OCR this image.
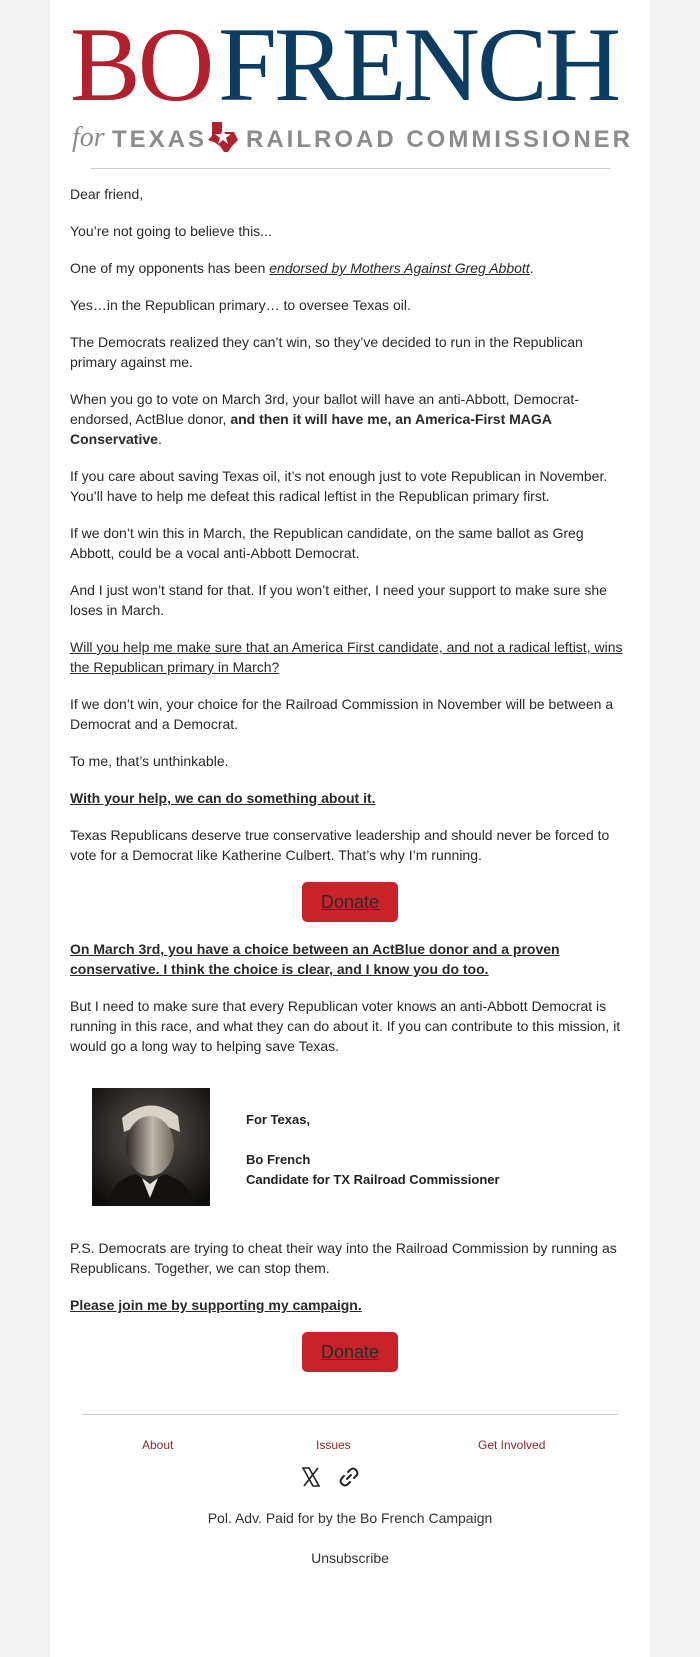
BO FRENCH
for TEXAS RAILROAD COMMISSIONER

Dear friend,

You’re not going to believe this...

One of my opponents has been endorsed by Mothers Against Greg Abbott.

Yes…in the Republican primary… to oversee Texas oil.

The Democrats realized they can’t win, so they’ve decided to run in the Republican primary against me.

When you go to vote on March 3rd, your ballot will have an anti-Abbott, Democrat-endorsed, ActBlue donor, and then it will have me, an America-First MAGA Conservative.

If you care about saving Texas oil, it’s not enough just to vote Republican in November. You’ll have to help me defeat this radical leftist in the Republican primary first.

If we don’t win this in March, the Republican candidate, on the same ballot as Greg Abbott, could be a vocal anti-Abbott Democrat.

And I just won’t stand for that. If you won’t either, I need your support to make sure she loses in March.

Will you help me make sure that an America First candidate, and not a radical leftist, wins the Republican primary in March?

If we don’t win, your choice for the Railroad Commission in November will be between a Democrat and a Democrat.

To me, that’s unthinkable.

With your help, we can do something about it.

Texas Republicans deserve true conservative leadership and should never be forced to vote for a Democrat like Katherine Culbert. That’s why I’m running.

Donate

On March 3rd, you have a choice between an ActBlue donor and a proven conservative. I think the choice is clear, and I know you do too.

But I need to make sure that every Republican voter knows an anti-Abbott Democrat is running in this race, and what they can do about it. If you can contribute to this mission, it would go a long way to helping save Texas.

For Texas,
Bo French
Candidate for TX Railroad Commissioner

P.S. Democrats are trying to cheat their way into the Railroad Commission by running as Republicans. Together, we can stop them.

Please join me by supporting my campaign.

Donate
About	Issues	Get Involved
Pol. Adv. Paid for by the Bo French Campaign
Unsubscribe
